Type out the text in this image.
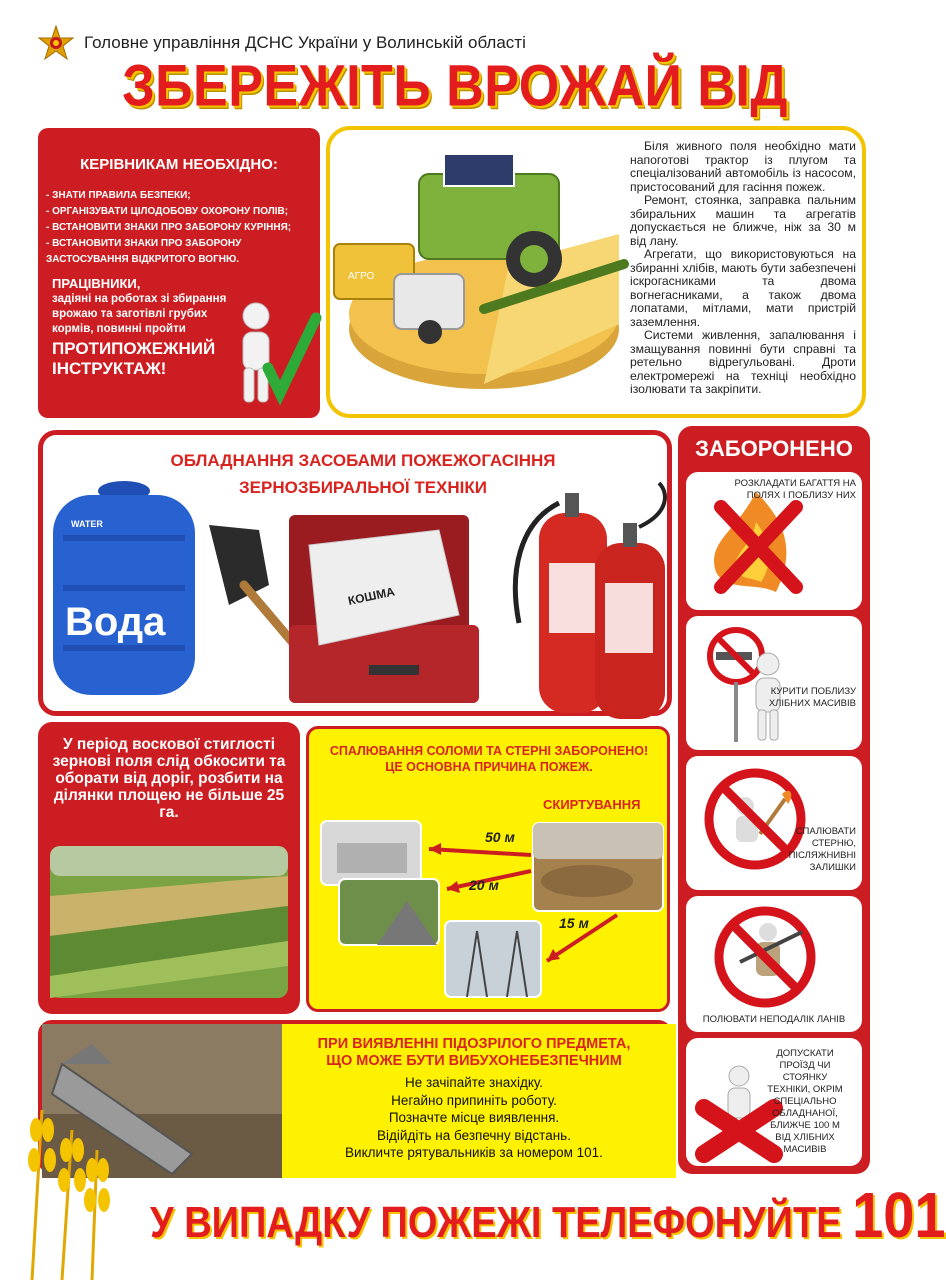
Головне управління ДСНС України у Волинській області
ЗБЕРЕЖІТЬ ВРОЖАЙ ВІД
КЕРІВНИКАМ НЕОБХІДНО:
- ЗНАТИ ПРАВИЛА БЕЗПЕКИ;
- ОРГАНІЗУВАТИ ЦІЛОДОБОВУ ОХОРОНУ ПОЛІВ;
- ВСТАНОВИТИ ЗНАКИ ПРО ЗАБОРОНУ КУРІННЯ;
- ВСТАНОВИТИ ЗНАКИ ПРО ЗАБОРОНУ ЗАСТОСУВАННЯ ВІДКРИТОГО ВОГНЮ.
ПРАЦІВНИКИ,
задіяні на роботах зі збирання врожаю та заготівлі грубих кормів, повинні пройти
ПРОТИПОЖЕЖНИЙ ІНСТРУКТАЖ!
АГРО

Біля живного поля необхідно мати напоготові трактор із плугом та спеціалізований автомобіль із насосом, пристосований для гасіння пожеж.

Ремонт, стоянка, заправка пальним збиральних машин та агрегатів допускається не ближче, ніж за 30 м від лану.

Агрегати, що використовуються на збиранні хлібів, мають бути забезпечені іскрогасниками та двома вогнегасниками, а також двома лопатами, мітлами, мати пристрій заземлення.

Системи живлення, запалювання і змащування повинні бути справні та ретельно відрегульовані. Дроти електромережі на техніці необхідно ізолювати та закріпити.

ОБЛАДНАННЯ ЗАСОБАМИ ПОЖЕЖОГАСІННЯ
ЗЕРНОЗБИРАЛЬНОЇ ТЕХНІКИ
WATER
Вода
КОШМА
ЗАБОРОНЕНО
РОЗКЛАДАТИ БАГАТТЯ НА ПОЛЯХ І ПОБЛИЗУ НИХ
КУРИТИ ПОБЛИЗУ ХЛІБНИХ МАСИВІВ
СПАЛЮВАТИ СТЕРНЮ, ПІСЛЯЖНИВНІ ЗАЛИШКИ
ПОЛЮВАТИ НЕПОДАЛІК ЛАНІВ
ДОПУСКАТИ ПРОЇЗД ЧИ СТОЯНКУ ТЕХНІКИ, ОКРІМ СПЕЦІАЛЬНО ОБЛАДНАНОЇ, БЛИЖЧЕ 100 М ВІД ХЛІБНИХ МАСИВІВ
У період воскової стиглості зернові поля слід обкосити та оборати від доріг, розбити на ділянки площею не більше 25 га.
СПАЛЮВАННЯ СОЛОМИ ТА СТЕРНІ ЗАБОРОНЕНО!
ЦЕ ОСНОВНА ПРИЧИНА ПОЖЕЖ.
СКИРТУВАННЯ
50 м
20 м
15 м
ПРИ ВИЯВЛЕННІ ПІДОЗРІЛОГО ПРЕДМЕТА,
ЩО МОЖЕ БУТИ ВИБУХОНЕБЕЗПЕЧНИМ
Не зачіпайте знахідку.
Негайно припиніть роботу.
Позначте місце виявлення.
Відійдіть на безпечну відстань.
Викличте рятувальників за номером 101.
У ВИПАДКУ ПОЖЕЖІ ТЕЛЕФОНУЙТЕ 101
